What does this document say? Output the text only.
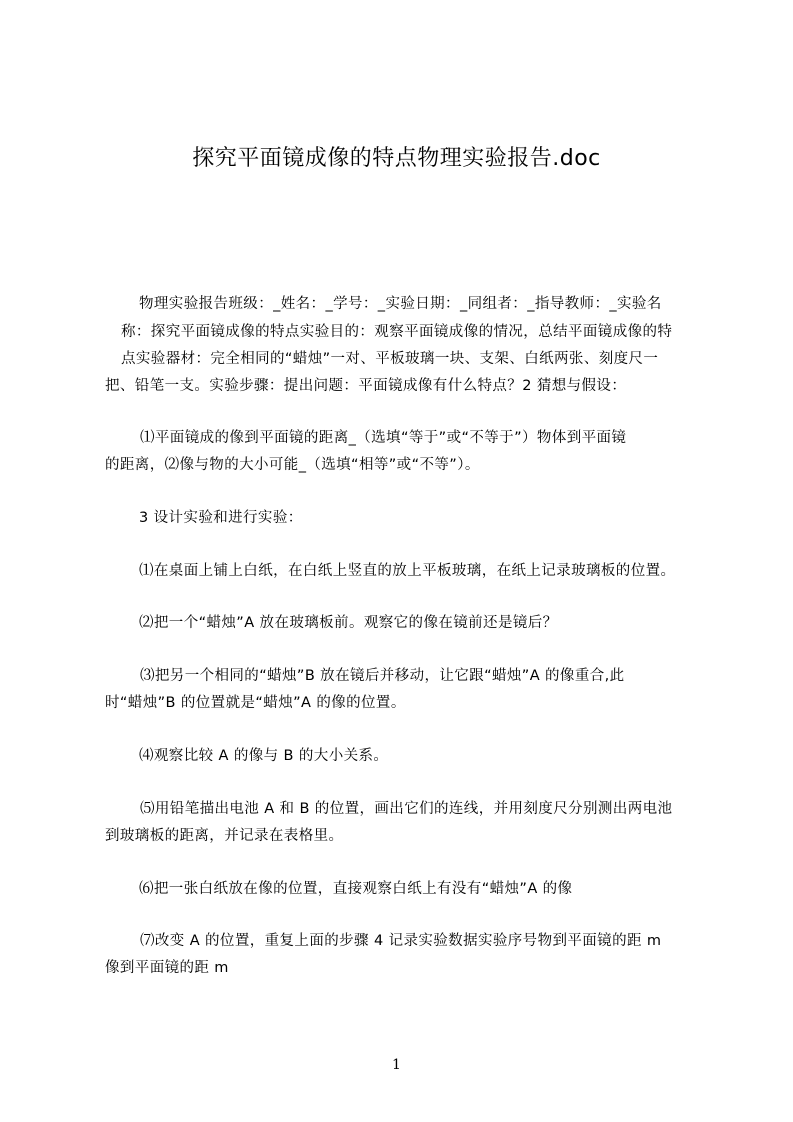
探究平面镜成像的特点物理实验报告.doc
物理实验报告班级：_姓名：_学号：_实验日期：_同组者：_指导教师：_实验名
称：探究平面镜成像的特点实验目的：观察平面镜成像的情况，总结平面镜成像的特
点实验器材：完全相同的“蜡烛”一对、平板玻璃一块、支架、白纸两张、刻度尺一
把、铅笔一支。实验步骤：提出问题：平面镜成像有什么特点？2 猜想与假设：
⑴平面镜成的像到平面镜的距离_（选填“等于”或“不等于”）物体到平面镜
的距离，⑵像与物的大小可能_（选填“相等”或“不等”）。
3 设计实验和进行实验：
⑴在桌面上铺上白纸，在白纸上竖直的放上平板玻璃，在纸上记录玻璃板的位置。
⑵把一个“蜡烛”A 放在玻璃板前。观察它的像在镜前还是镜后？
⑶把另一个相同的“蜡烛”B 放在镜后并移动，让它跟“蜡烛”A 的像重合,此
时“蜡烛”B 的位置就是“蜡烛”A 的像的位置。
⑷观察比较 A 的像与 B 的大小关系。
⑸用铅笔描出电池 A 和 B 的位置，画出它们的连线，并用刻度尺分别测出两电池
到玻璃板的距离，并记录在表格里。
⑹把一张白纸放在像的位置，直接观察白纸上有没有“蜡烛”A 的像
⑺改变 A 的位置，重复上面的步骤 4 记录实验数据实验序号物到平面镜的距 m
像到平面镜的距 m
1
